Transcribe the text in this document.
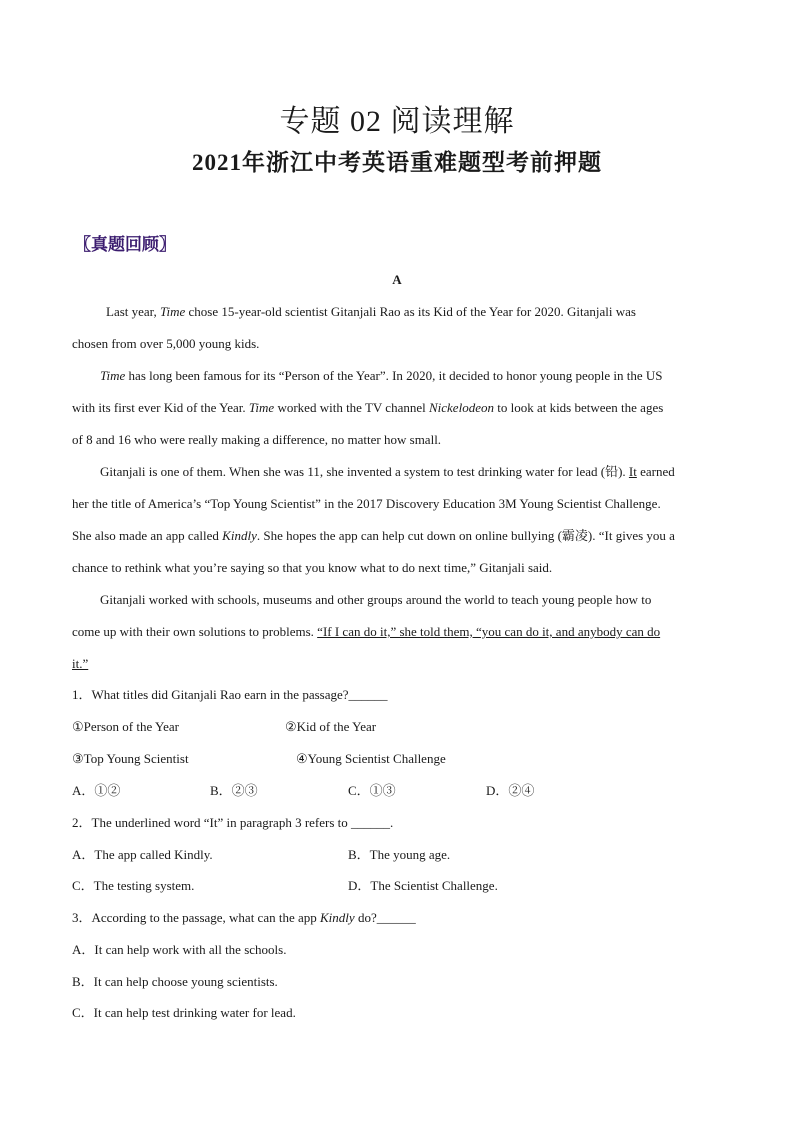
专题 02 阅读理解
2021年浙江中考英语重难题型考前押题
〖真题回顾〗
A
Last year, Time chose 15-year-old scientist Gitanjali Rao as its Kid of the Year for 2020. Gitanjali was
chosen from over 5,000 young kids.
Time has long been famous for its “Person of the Year”. In 2020, it decided to honor young people in the US
with its first ever Kid of the Year. Time worked with the TV channel Nickelodeon to look at kids between the ages
of 8 and 16 who were really making a difference, no matter how small.
Gitanjali is one of them. When she was 11, she invented a system to test drinking water for lead (铅). It earned
her the title of America’s “Top Young Scientist” in the 2017 Discovery Education 3M Young Scientist Challenge.
She also made an app called Kindly. She hopes the app can help cut down on online bullying (霸凌). “It gives you a
chance to rethink what you’re saying so that you know what to do next time,” Gitanjali said.
Gitanjali worked with schools, museums and other groups around the world to teach young people how to
come up with their own solutions to problems. “If I can do it,” she told them, “you can do it, and anybody can do
it.”
1．What titles did Gitanjali Rao earn in the passage?______
①Person of the Year	②Kid of the Year
③Top Young Scientist	④Young Scientist Challenge
A．①②	B．②③	C．①③	D．②④
2．The underlined word “It” in paragraph 3 refers to ______.
A．The app called Kindly.	B．The young age.
C．The testing system.	D．The Scientist Challenge.
3．According to the passage, what can the app Kindly do?______
A．It can help work with all the schools.
B．It can help choose young scientists.
C．It can help test drinking water for lead.
